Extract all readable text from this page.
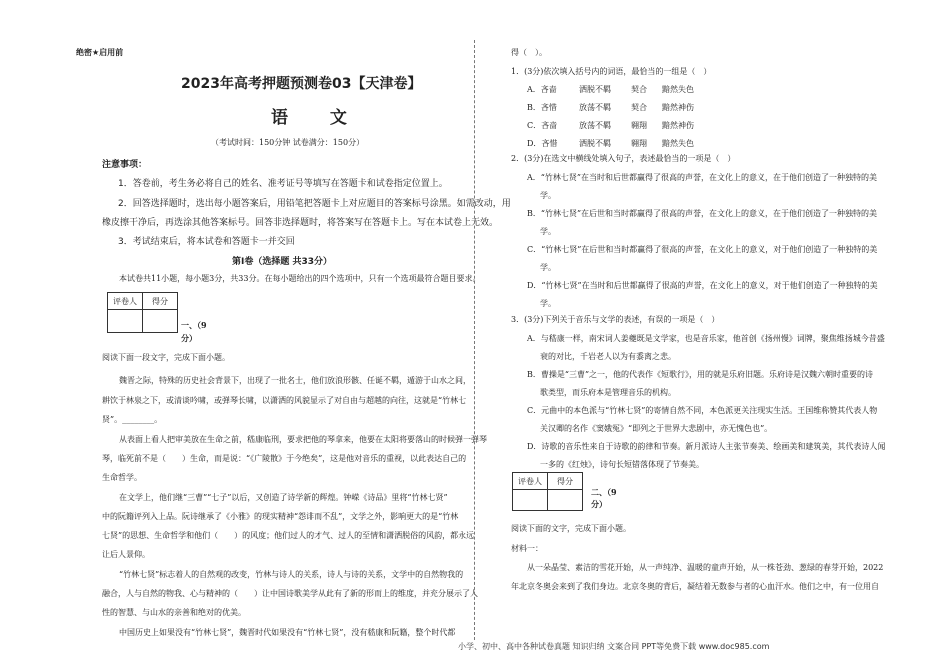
绝密★启用前
2023年高考押题预测卷03【天津卷】
语 文
（考试时间：150分钟 试卷满分：150分）
注意事项：
1．答卷前，考生务必将自己的姓名、准考证号等填写在答题卡和试卷指定位置上。
2．回答选择题时，选出每小题答案后，用铅笔把答题卡上对应题目的答案标号涂黑。如需改动，用
橡皮擦干净后，再选涂其他答案标号。回答非选择题时，将答案写在答题卡上。写在本试卷上无效。
3．考试结束后，将本试卷和答题卡一并交回
第Ⅰ卷（选择题 共33分）
本试卷共11小题，每小题3分，共33分。在每小题给出的四个选项中，只有一个选项最符合题目要求。
评卷人	得分

一、（9
分）
阅读下面一段文字，完成下面小题。
魏晋之际，特殊的历史社会背景下，出现了一批名士，他们放浪形骸、任诞不羁，遁游于山水之间，
耕饮于林泉之下，或清谈吟啸，或弹琴长啸，以潇洒的风貌显示了对自由与超越的向往，这就是“竹林七
贤”。________。
从表面上看人把审美放在生命之前，嵇康临刑，要求把他的琴拿来，他要在太阳将要落山的时候弹一弹琴
琴，临死前不是（　　）生命，而是说：“《广陵散》于今绝矣”，这是他对音乐的重视，以此表达自己的
生命哲学。
在文学上，他们继“三曹”“七子”以后，又创造了诗学新的辉煌。钟嵘《诗品》里将“竹林七贤”
中的阮籍评列入上品。阮诗继承了《小雅》的现实精神“怨诽而不乱”，文学之外，影响更大的是“竹林
七贤”的思想、生命哲学和他们（　　）的风度；他们过人的才气、过人的至情和潇洒脱俗的风韵，都永远
让后人景仰。
“竹林七贤”标志着人的自然观的改变，竹林与诗人的关系，诗人与诗的关系，文学中的自然物我的
融合，人与自然的物我、心与精神的（　　）让中国诗歌美学从此有了新的形而上的维度，并充分展示了人
性的智慧、与山水的亲善和绝对的优美。
中国历史上如果没有“竹林七贤”，魏晋时代如果没有“竹林七贤”，没有嵇康和阮籍，整个时代都
得（　）。
1．(3分)依次填入括号内的词语，最恰当的一组是（　）
A．吝啬	洒脱不羁	契合 黯然失色
B．吝惜	放荡不羁	契合 黯然神伤
C．吝啬	放荡不羁	翱翔 黯然神伤
D．吝惜	洒脱不羁	翱翔 黯然失色
2．(3分)在选文中横线处填入句子，表述最恰当的一项是（　）
A．“竹林七贤”在当时和后世都赢得了很高的声誉，在文化上的意义，在于他们创造了一种独特的美
学。
B．“竹林七贤”在后世和当时都赢得了很高的声誉，在文化上的意义，在于他们创造了一种独特的美
学。
C．“竹林七贤”在后世和当时都赢得了很高的声誉，在文化上的意义，对于他们创造了一种独特的美
学。
D．“竹林七贤”在当时和后世都赢得了很高的声誉，在文化上的意义，对于他们创造了一种独特的美
学。
3．(3分)下列关于音乐与文学的表述，有误的一项是（　）
A．与嵇康一样，南宋词人姜夔既是文学家，也是音乐家，他首创《扬州慢》词牌，聚焦维扬城今昔盛
衰的对比，千岩老人以为有黍离之悲。
B．曹操是“三曹”之一，他的代表作《短歌行》，用的就是乐府旧题。乐府诗是汉魏六朝时重要的诗
歌类型，而乐府本是管理音乐的机构。
C．元曲中的本色派与“竹林七贤”的寄情自然不同，本色派更关注现实生活。王国维称赞其代表人物
关汉卿的名作《窦娥冤》“即列之于世界大悲剧中，亦无愧色也”。
D．诗歌的音乐性来自于诗歌的韵律和节奏。新月派诗人主张节奏美、绘画美和建筑美，其代表诗人闻
一多的《红烛》，诗句长短错落体现了节奏美。
评卷人	得分

二、（9
分）
阅读下面的文字，完成下面小题。
材料一：
从一朵晶莹、素洁的雪花开始，从一声纯净、温暖的童声开始，从一株苍劲、葱绿的春芽开始，2022
年北京冬奥会来到了我们身边。北京冬奥的背后，凝结着无数参与者的心血汗水。他们之中，有一位用自
小学、初中、高中各种试卷真题 知识归纳 文案合同 PPT等免费下载 www.doc985.com
